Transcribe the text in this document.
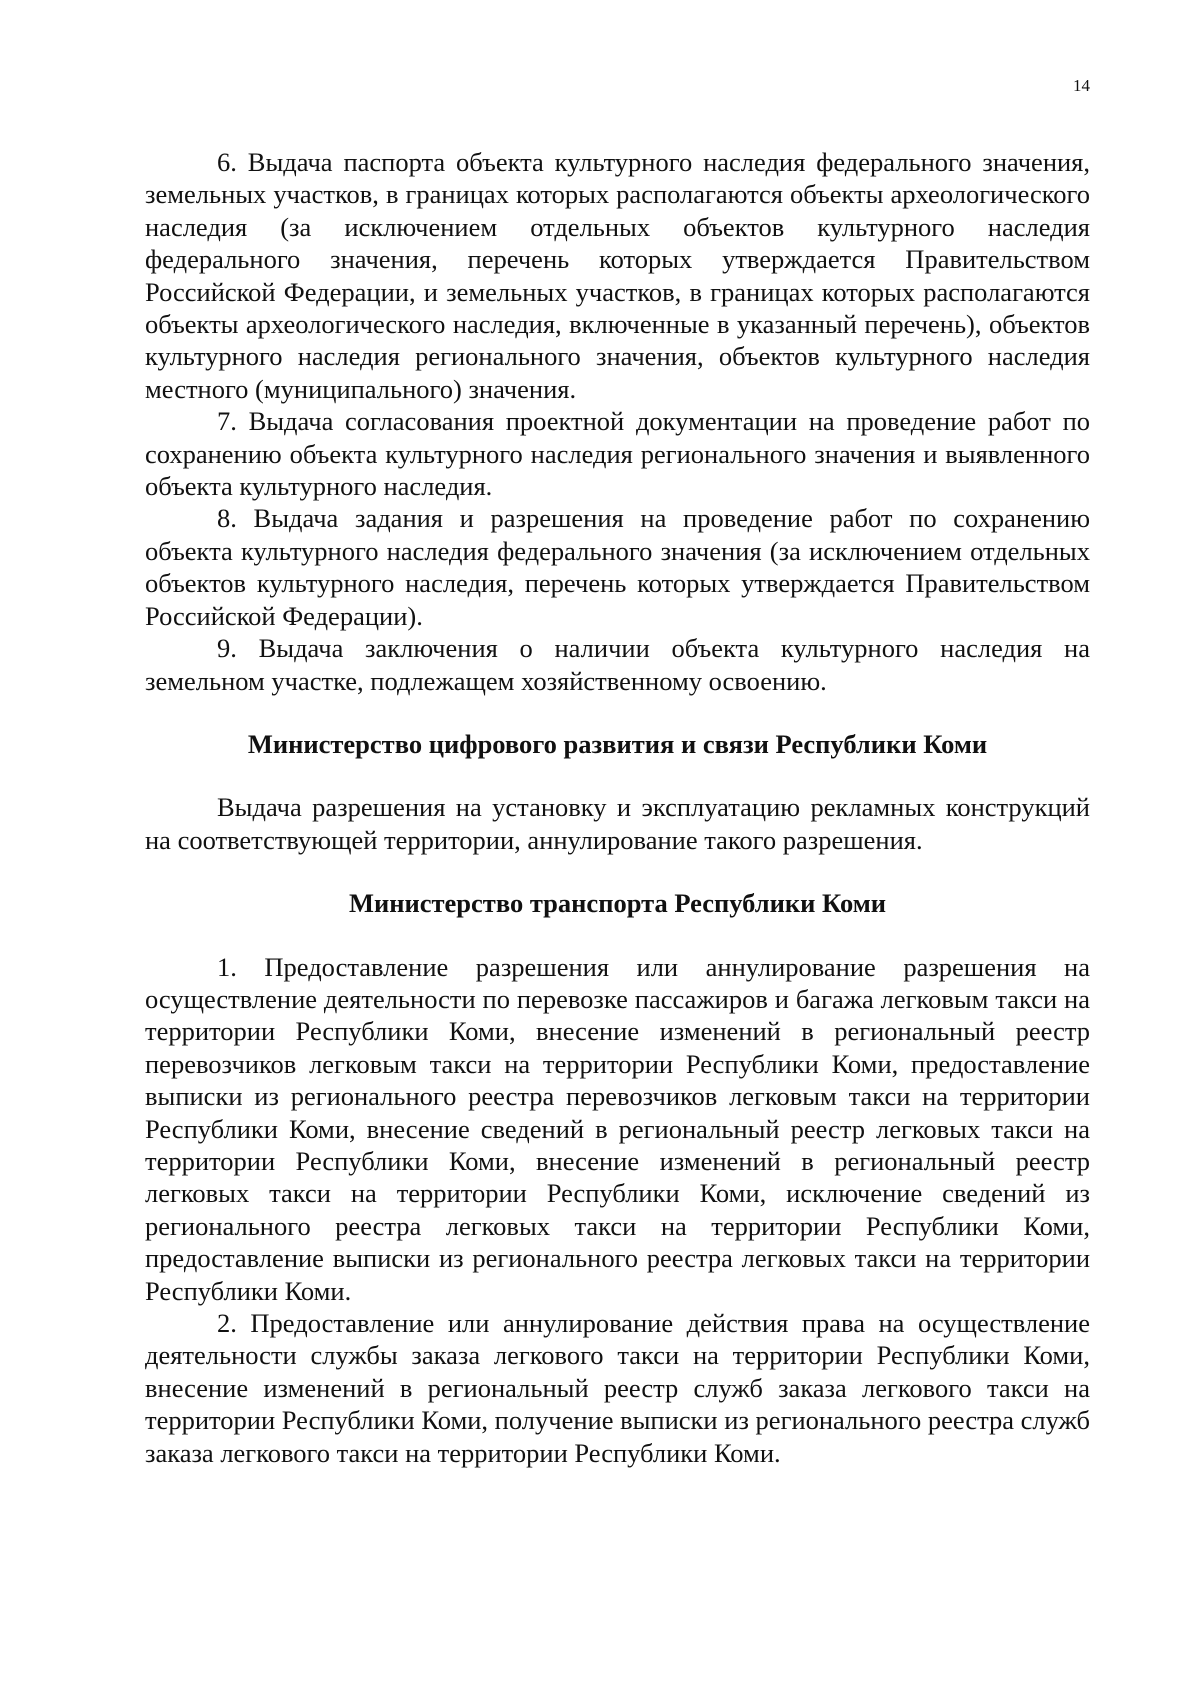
14

6. Выдача паспорта объекта культурного наследия федерального значения, земельных участков, в границах которых располагаются объекты археологического наследия (за исключением отдельных объектов культурного наследия федерального значения, перечень которых утверждается Правительством Российской Федерации, и земельных участков, в границах которых располагаются объекты археологического наследия, включенные в указанный перечень), объектов культурного наследия регионального значения, объектов культурного наследия местного (муниципального) значения.

7. Выдача согласования проектной документации на проведение работ по сохранению объекта культурного наследия регионального значения и выявленного объекта культурного наследия.

8. Выдача задания и разрешения на проведение работ по сохранению объекта культурного наследия федерального значения (за исключением отдельных объектов культурного наследия, перечень которых утверждается Правительством Российской Федерации).

9. Выдача заключения о наличии объекта культурного наследия на земельном участке, подлежащем хозяйственному освоению.

Министерство цифрового развития и связи Республики Коми

Выдача разрешения на установку и эксплуатацию рекламных конструкций на соответствующей территории, аннулирование такого разрешения.

Министерство транспорта Республики Коми

1. Предоставление разрешения или аннулирование разрешения на осуществление деятельности по перевозке пассажиров и багажа легковым такси на территории Республики Коми, внесение изменений в региональный реестр перевозчиков легковым такси на территории Республики Коми, предоставление выписки из регионального реестра перевозчиков легковым такси на территории Республики Коми, внесение сведений в региональный реестр легковых такси на территории Республики Коми, внесение изменений в региональный реестр легковых такси на территории Республики Коми, исключение сведений из регионального реестра легковых такси на территории Республики Коми, предоставление выписки из регионального реестра легковых такси на территории Республики Коми.

2. Предоставление или аннулирование действия права на осуществление деятельности службы заказа легкового такси на территории Республики Коми, внесение изменений в региональный реестр служб заказа легкового такси на территории Республики Коми, получение выписки из регионального реестра служб заказа легкового такси на территории Республики Коми.
